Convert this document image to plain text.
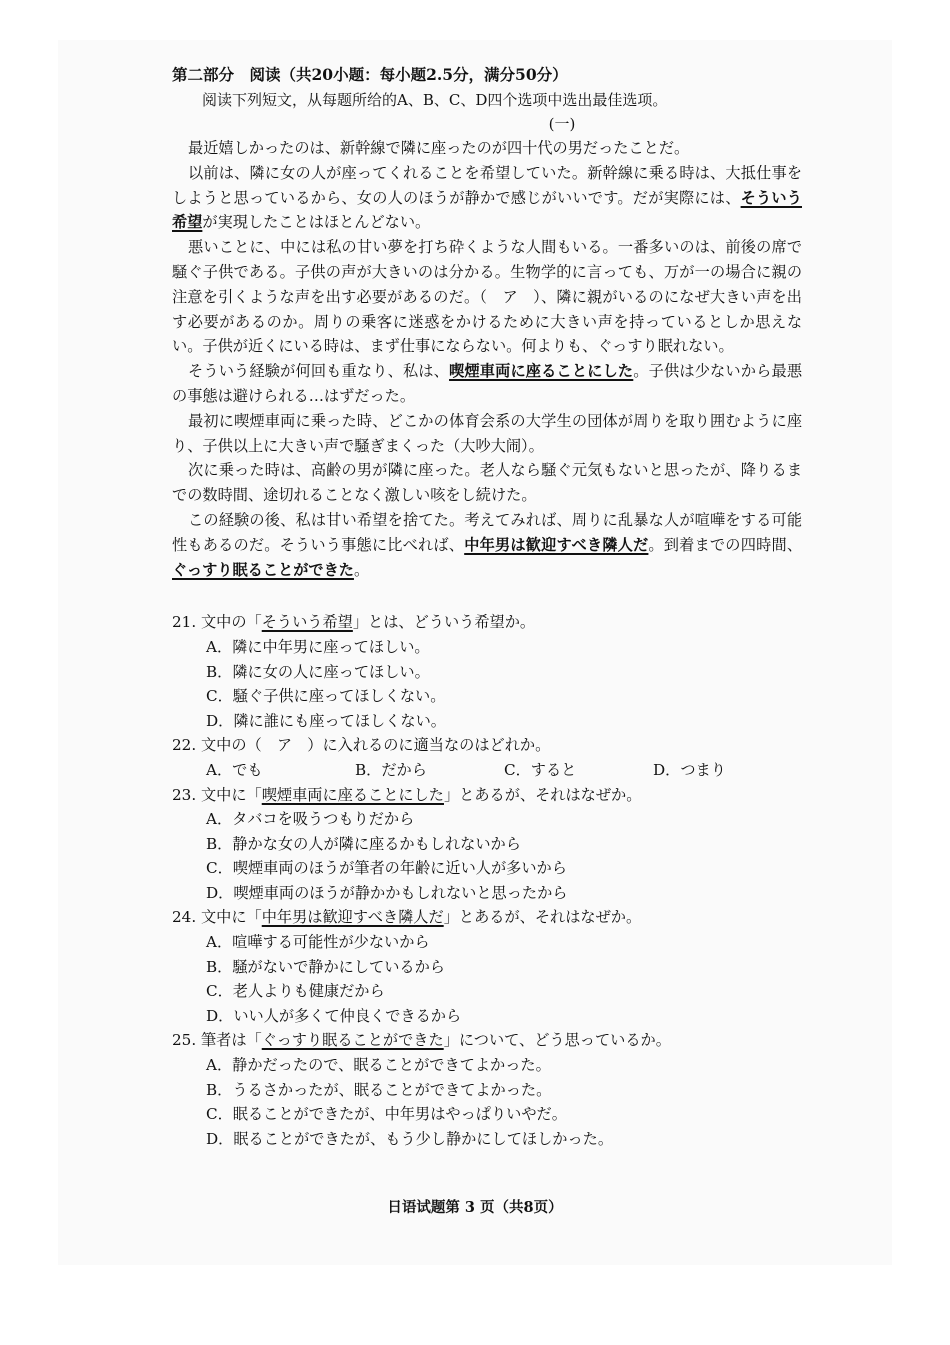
第二部分　阅读（共20小题：每小题2.5分，满分50分）
阅读下列短文，从每题所给的A、B、C、D四个选项中选出最佳选项。
(一)

最近嬉しかったのは、新幹線で隣に座ったのが四十代の男だったことだ。

以前は、隣に女の人が座ってくれることを希望していた。新幹線に乗る時は、大抵仕事をしようと思っているから、女の人のほうが静かで感じがいいです。だが実際には、そういう希望が実現したことはほとんどない。

悪いことに、中には私の甘い夢を打ち砕くような人間もいる。一番多いのは、前後の席で騒ぐ子供である。子供の声が大きいのは分かる。生物学的に言っても、万が一の場合に親の注意を引くような声を出す必要があるのだ。（　ア　）、隣に親がいるのになぜ大きい声を出す必要があるのか。周りの乗客に迷惑をかけるために大きい声を持っているとしか思えない。子供が近くにいる時は、まず仕事にならない。何よりも、ぐっすり眠れない。

そういう経験が何回も重なり、私は、喫煙車両に座ることにした。子供は少ないから最悪の事態は避けられる…はずだった。

最初に喫煙車両に乗った時、どこかの体育会系の大学生の団体が周りを取り囲むように座り、子供以上に大きい声で騒ぎまくった（大吵大闹）。

次に乗った時は、高齢の男が隣に座った。老人なら騒ぐ元気もないと思ったが、降りるまでの数時間、途切れることなく激しい咳をし続けた。

この経験の後、私は甘い希望を捨てた。考えてみれば、周りに乱暴な人が喧嘩をする可能性もあるのだ。そういう事態に比べれば、中年男は歓迎すべき隣人だ。到着までの四時間、ぐっすり眠ることができた。

21. 文中の「そういう希望」とは、どういう希望か。
A．隣に中年男に座ってほしい。
B．隣に女の人に座ってほしい。
C．騒ぐ子供に座ってほしくない。
D．隣に誰にも座ってほしくない。
22. 文中の（　ア　）に入れるのに適当なのはどれか。
A．でも	B．だから	C．すると	D．つまり
23. 文中に「喫煙車両に座ることにした」とあるが、それはなぜか。
A．タバコを吸うつもりだから
B．静かな女の人が隣に座るかもしれないから
C．喫煙車両のほうが筆者の年齢に近い人が多いから
D．喫煙車両のほうが静かかもしれないと思ったから
24. 文中に「中年男は歓迎すべき隣人だ」とあるが、それはなぜか。
A．喧嘩する可能性が少ないから
B．騒がないで静かにしているから
C．老人よりも健康だから
D．いい人が多くて仲良くできるから
25. 筆者は「ぐっすり眠ることができた」について、どう思っているか。
A．静かだったので、眠ることができてよかった。
B．うるさかったが、眠ることができてよかった。
C．眠ることができたが、中年男はやっぱりいやだ。
D．眠ることができたが、もう少し静かにしてほしかった。
日语试题第 3 页（共8页）
